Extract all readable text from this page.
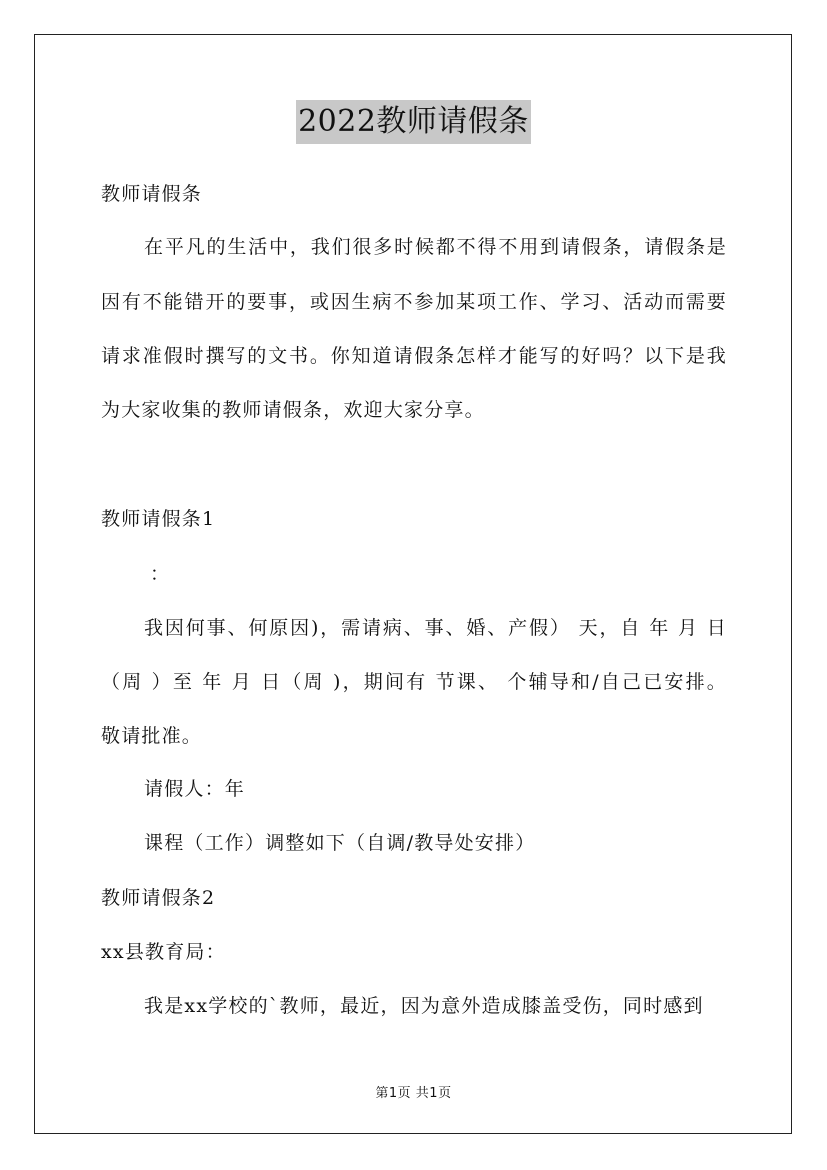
2022教师请假条
教师请假条
在平凡的生活中，我们很多时候都不得不用到请假条，请假条是
因有不能错开的要事，或因生病不参加某项工作、学习、活动而需要
请求准假时撰写的文书。你知道请假条怎样才能写的好吗？以下是我
为大家收集的教师请假条，欢迎大家分享。
教师请假条1
：
我因何事、何原因)，需请病、事、婚、产假） 天，自 年 月 日
（周 ）至 年 月 日（周 )，期间有 节课、 个辅导和/自己已安排。
敬请批准。
请假人：年
课程（工作）调整如下（自调/教导处安排）
教师请假条2
xx县教育局：
我是xx学校的`教师，最近，因为意外造成膝盖受伤，同时感到
第1页 共1页
